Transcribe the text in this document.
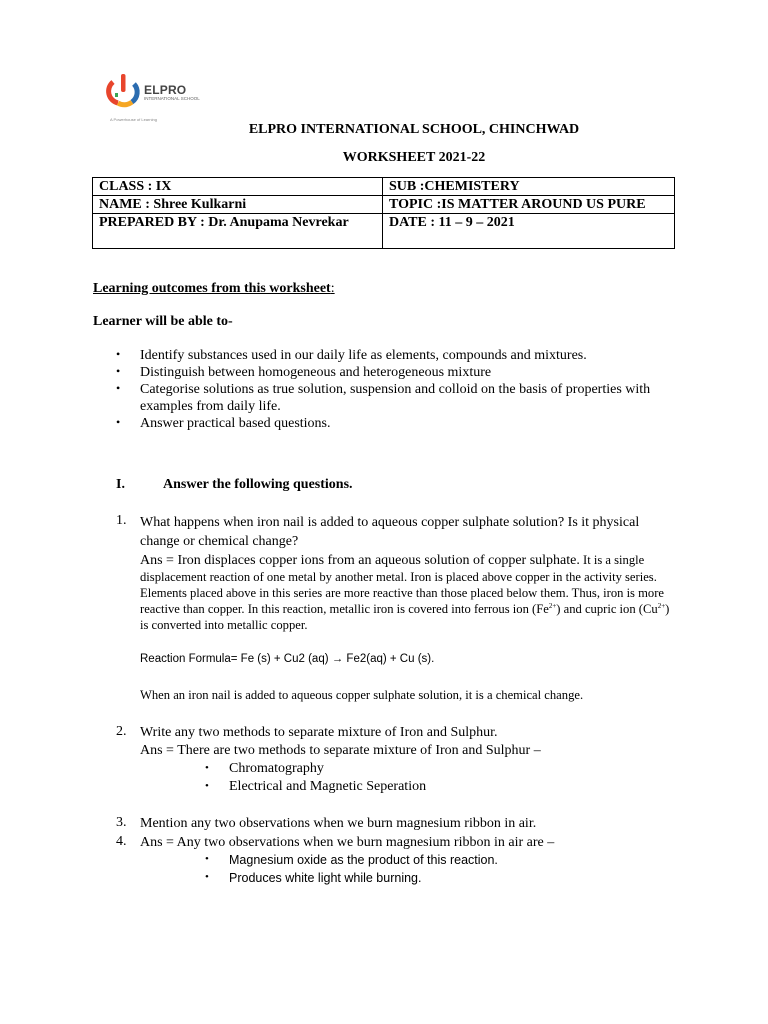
ELPRO
INTERNATIONAL SCHOOL
A Powerhouse of Learning
ELPRO INTERNATIONAL SCHOOL, CHINCHWAD
WORKSHEET 2021-22
CLASS : IX	SUB :CHEMISTERY
NAME : Shree Kulkarni	TOPIC :IS MATTER AROUND US PURE
PREPARED BY : Dr. Anupama Nevrekar	DATE : 11 – 9 – 2021
Learning outcomes from this worksheet:
Learner will be able to-
• Identify substances used in our daily life as elements, compounds and mixtures.
• Distinguish between homogeneous and heterogeneous mixture
• Categorise solutions as true solution, suspension and colloid on the basis of properties with examples from daily life.
• Answer practical based questions.
I.	Answer the following questions.
1. What happens when iron nail is added to aqueous copper sulphate solution? Is it physical change or chemical change?
Ans = Iron displaces copper ions from an aqueous solution of copper sulphate. It is a single displacement reaction of one metal by another metal. Iron is placed above copper in the activity series. Elements placed above in this series are more reactive than those placed below them. Thus, iron is more reactive than copper. In this reaction, metallic iron is covered into ferrous ion $(Fe^{2+})$ and cupric ion $(Cu^{2+})$ is converted into metallic copper.
Reaction Formula= Fe (s) + Cu2 (aq) → Fe2(aq) + Cu (s).
When an iron nail is added to aqueous copper sulphate solution, it is a chemical change.
2. Write any two methods to separate mixture of Iron and Sulphur.
Ans = There are two methods to separate mixture of Iron and Sulphur –
• Chromatography
• Electrical and Magnetic Seperation
3. Mention any two observations when we burn magnesium ribbon in air.
4. Ans = Any two observations when we burn magnesium ribbon in air are –
• Magnesium oxide as the product of this reaction.
• Produces white light while burning.
